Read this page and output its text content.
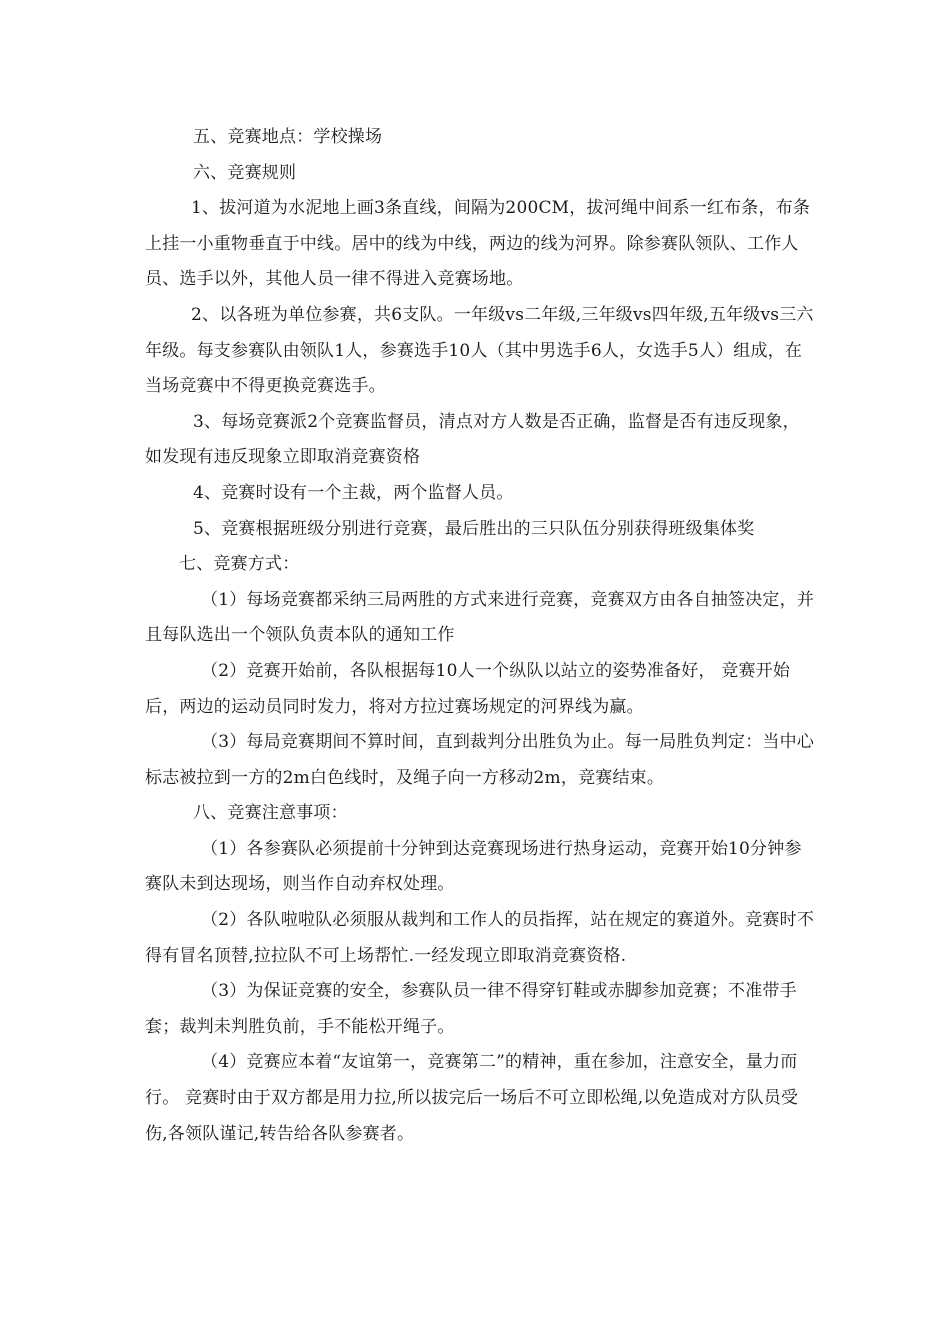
五、竞赛地点：学校操场

六、竞赛规则

1、拔河道为水泥地上画3条直线，间隔为200CM，拔河绳中间系一红布条，布条上挂一小重物垂直于中线。居中的线为中线，两边的线为河界。除参赛队领队、工作人员、选手以外，其他人员一律不得进入竞赛场地。

2、以各班为单位参赛，共6支队。一年级vs二年级,三年级vs四年级,五年级vs三六年级。每支参赛队由领队1人，参赛选手10人（其中男选手6人，女选手5人）组成，在当场竞赛中不得更换竞赛选手。

3、每场竞赛派2个竞赛监督员，清点对方人数是否正确，监督是否有违反现象，如发现有违反现象立即取消竞赛资格

4、竞赛时设有一个主裁，两个监督人员。

5、竞赛根据班级分别进行竞赛，最后胜出的三只队伍分别获得班级集体奖

七、竞赛方式：

（1）每场竞赛都采纳三局两胜的方式来进行竞赛，竞赛双方由各自抽签决定，并且每队选出一个领队负责本队的通知工作

（2）竞赛开始前，各队根据每10人一个纵队以站立的姿势准备好， 竞赛开始后，两边的运动员同时发力，将对方拉过赛场规定的河界线为赢。

（3）每局竞赛期间不算时间，直到裁判分出胜负为止。每一局胜负判定：当中心标志被拉到一方的2m白色线时，及绳子向一方移动2m，竞赛结束。

八、竞赛注意事项：

（1）各参赛队必须提前十分钟到达竞赛现场进行热身运动，竞赛开始10分钟参赛队未到达现场，则当作自动弃权处理。

（2）各队啦啦队必须服从裁判和工作人的员指挥，站在规定的赛道外。竞赛时不得有冒名顶替,拉拉队不可上场帮忙.一经发现立即取消竞赛资格.

（3）为保证竞赛的安全，参赛队员一律不得穿钉鞋或赤脚参加竞赛；不准带手套；裁判未判胜负前，手不能松开绳子。

（4）竞赛应本着“友谊第一，竞赛第二”的精神，重在参加，注意安全，量力而行。 竞赛时由于双方都是用力拉,所以拔完后一场后不可立即松绳,以免造成对方队员受伤,各领队谨记,转告给各队参赛者。
